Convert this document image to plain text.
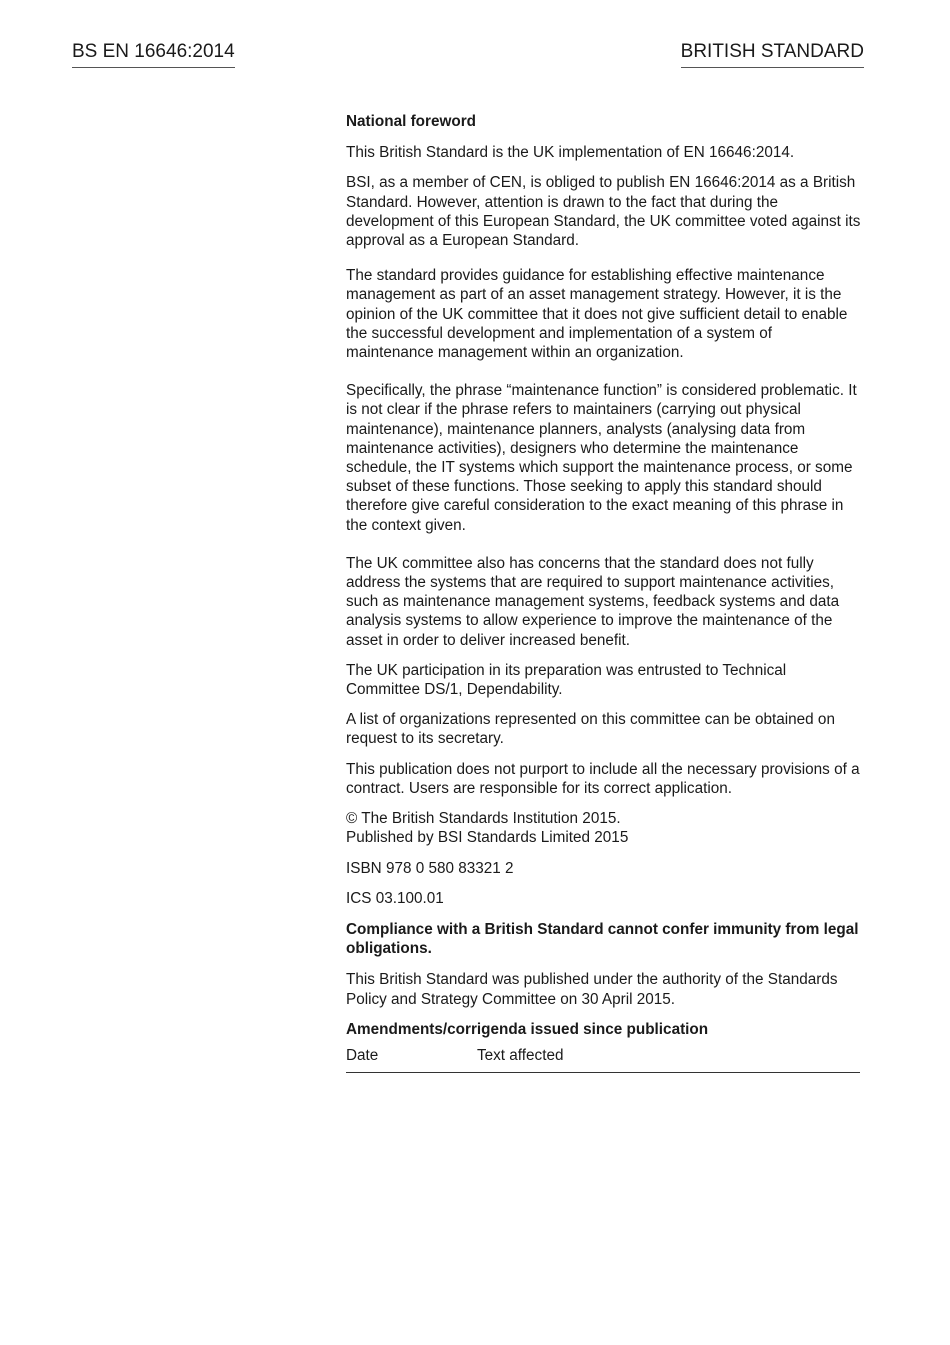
BS EN 16646:2014	BRITISH STANDARD

National foreword

This British Standard is the UK implementation of EN 16646:2014.

BSI, as a member of CEN, is obliged to publish EN 16646:2014 as a British Standard. However, attention is drawn to the fact that during the development of this European Standard, the UK committee voted against its approval as a European Standard.

The standard provides guidance for establishing effective maintenance management as part of an asset management strategy. However, it is the opinion of the UK committee that it does not give sufficient detail to enable the successful development and implementation of a system of maintenance management within an organization.

Specifically, the phrase “maintenance function” is considered problematic. It is not clear if the phrase refers to maintainers (carrying out physical maintenance), maintenance planners, analysts (analysing data from maintenance activities), designers who determine the maintenance schedule, the IT systems which support the maintenance process, or some subset of these functions. Those seeking to apply this standard should therefore give careful consideration to the exact meaning of this phrase in the context given.

The UK committee also has concerns that the standard does not fully address the systems that are required to support maintenance activities, such as maintenance management systems, feedback systems and data analysis systems to allow experience to improve the maintenance of the asset in order to deliver increased benefit.

The UK participation in its preparation was entrusted to Technical Committee DS/1, Dependability.

A list of organizations represented on this committee can be obtained on request to its secretary.

This publication does not purport to include all the necessary provisions of a contract. Users are responsible for its correct application.

© The British Standards Institution 2015.

Published by BSI Standards Limited 2015

ISBN 978 0 580 83321 2

ICS 03.100.01

Compliance with a British Standard cannot confer immunity from legal obligations.

This British Standard was published under the authority of the Standards Policy and Strategy Committee on 30 April 2015.

Amendments/corrigenda issued since publication

Date	Text affected
